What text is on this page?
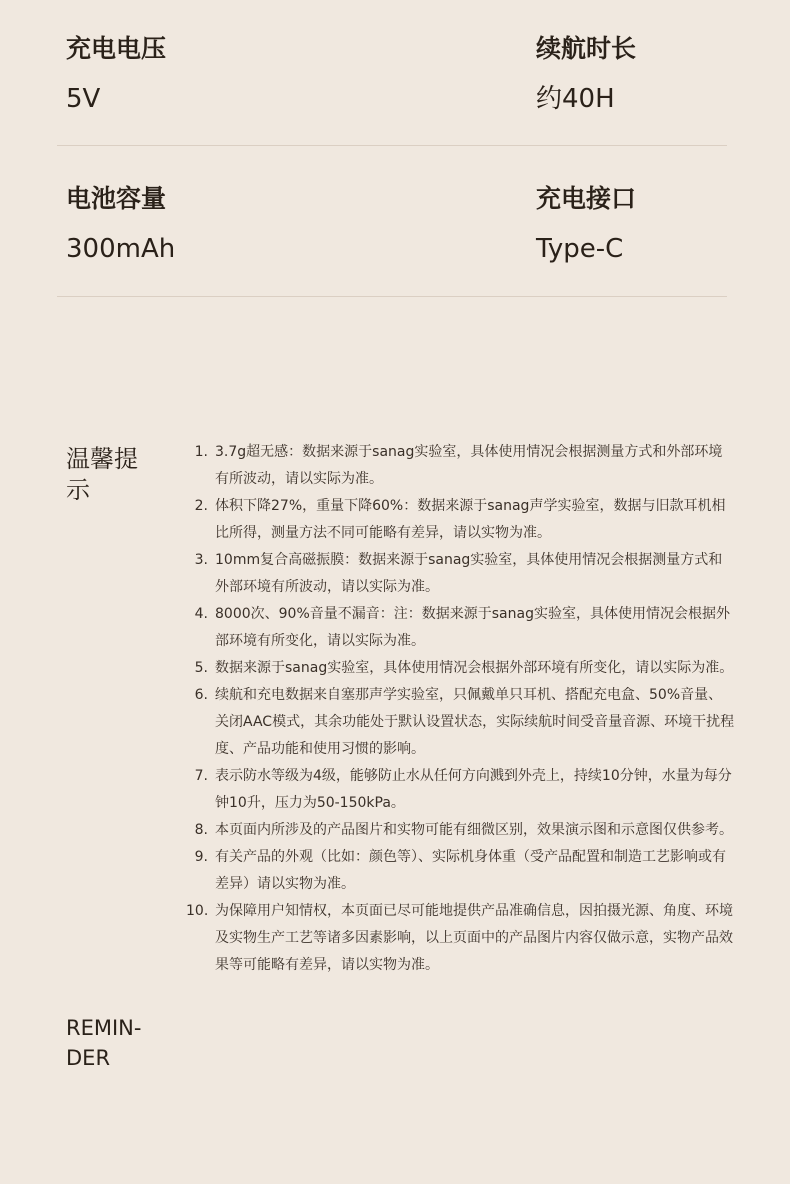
充电电压
5V
续航时长
约40H
电池容量
300mAh
充电接口
Type-C
温馨提示
REMIN-DER
1. 3.7g超无感：数据来源于sanag实验室，具体使用情况会根据测量方式和外部环境有所波动，请以实际为准。
2. 体积下降27%，重量下降60%：数据来源于sanag声学实验室，数据与旧款耳机相比所得，测量方法不同可能略有差异，请以实物为准。
3. 10mm复合高磁振膜：数据来源于sanag实验室，具体使用情况会根据测量方式和外部环境有所波动，请以实际为准。
4. 8000次、90%音量不漏音：注：数据来源于sanag实验室，具体使用情况会根据外部环境有所变化，请以实际为准。
5. 数据来源于sanag实验室，具体使用情况会根据外部环境有所变化，请以实际为准。
6. 续航和充电数据来自塞那声学实验室，只佩戴单只耳机、搭配充电盒、50%音量、关闭AAC模式，其余功能处于默认设置状态，实际续航时间受音量音源、环境干扰程度、产品功能和使用习惯的影响。
7. 表示防水等级为4级，能够防止水从任何方向溅到外壳上，持续10分钟，水量为每分钟10升，压力为50-150kPa。
8. 本页面内所涉及的产品图片和实物可能有细微区别，效果演示图和示意图仅供参考。
9. 有关产品的外观（比如：颜色等）、实际机身体重（受产品配置和制造工艺影响或有差异）请以实物为准。
10. 为保障用户知情权，本页面已尽可能地提供产品准确信息，因拍摄光源、角度、环境及实物生产工艺等诸多因素影响，以上页面中的产品图片内容仅做示意，实物产品效果等可能略有差异，请以实物为准。
